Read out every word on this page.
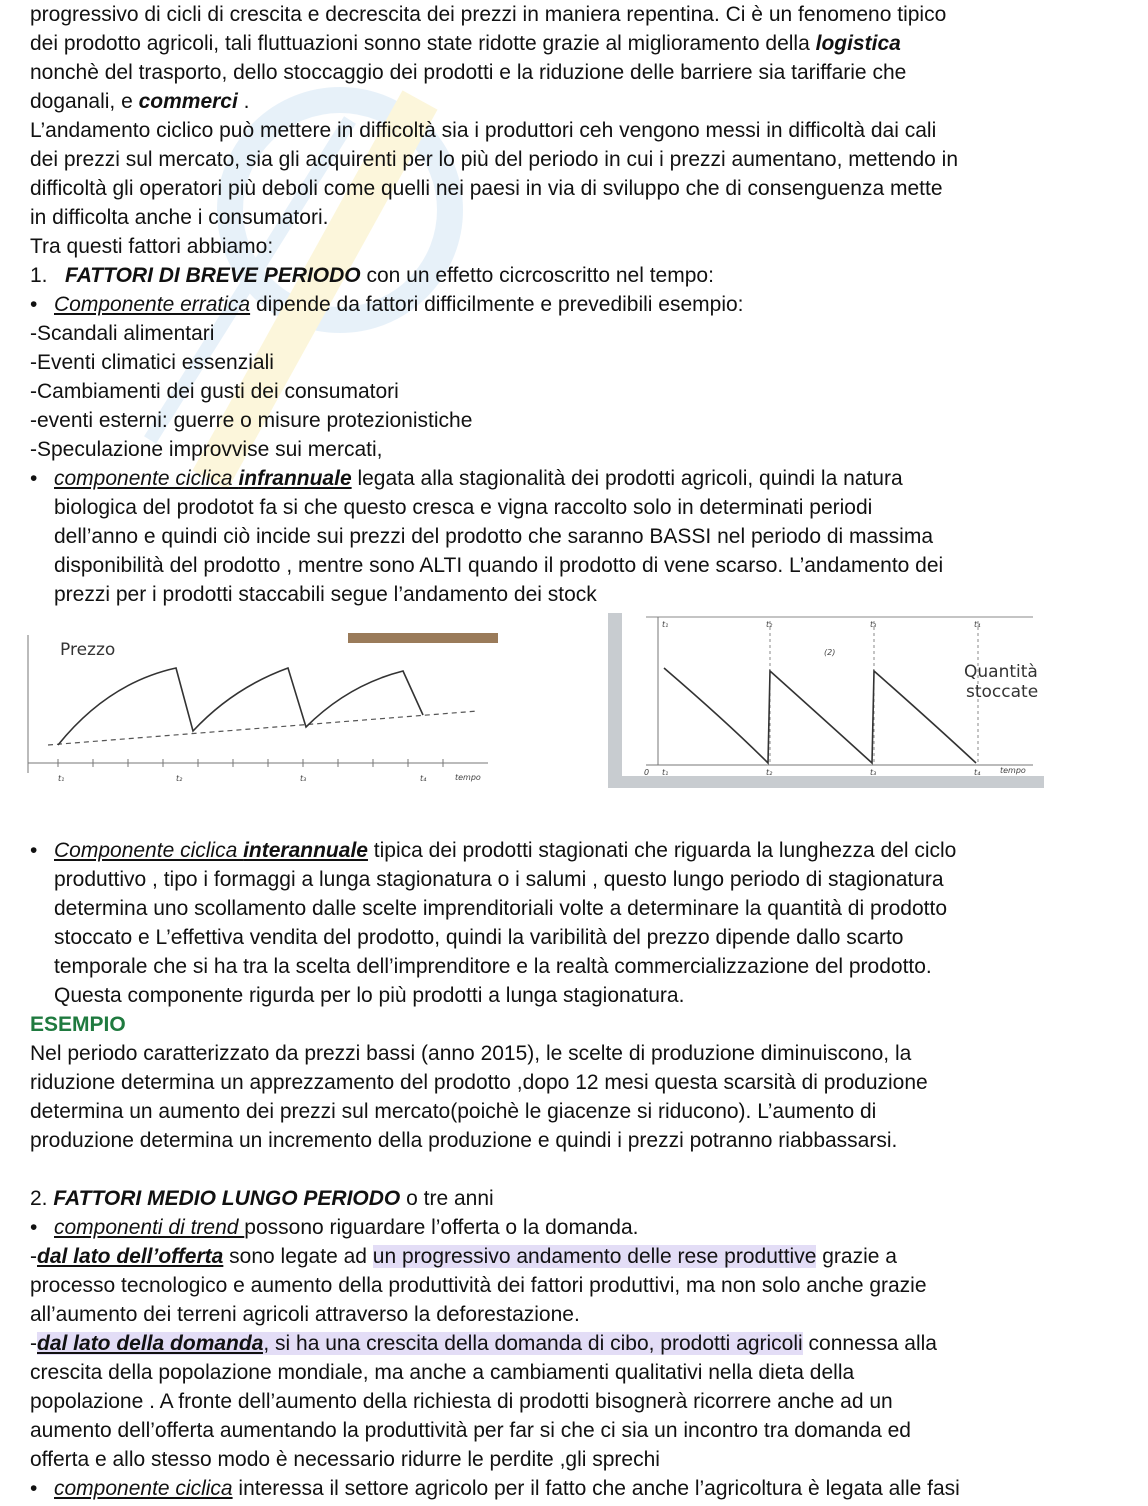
progressivo di cicli di crescita e decrescita dei prezzi in maniera repentina. Ci è un fenomeno tipico
dei prodotto agricoli, tali fluttuazioni sonno state ridotte grazie al miglioramento della logistica
nonchè del trasporto, dello stoccaggio dei prodotti e la riduzione delle barriere sia tariffarie che
doganali, e commerci .
L’andamento ciclico può mettere in difficoltà sia i produttori ceh vengono messi in difficoltà dai cali
dei prezzi sul mercato, sia gli acquirenti per lo più del periodo in cui i prezzi aumentano, mettendo in
difficoltà gli operatori più deboli come quelli nei paesi in via di sviluppo che di consenguenza mette
in difficolta anche i consumatori.
Tra questi fattori abbiamo:
1. FATTORI DI BREVE PERIODO con un effetto cicrcoscritto nel tempo:
• Componente erratica dipende da fattori difficilmente e prevedibili esempio:
-Scandali alimentari
-Eventi climatici essenziali
-Cambiamenti dei gusti dei consumatori
-eventi esterni: guerre o misure protezionistiche
-Speculazione improvvise sui mercati,
• componente ciclica infrannuale legata alla stagionalità dei prodotti agricoli, quindi la natura
biologica del prodotot fa si che questo cresca e vigna raccolto solo in determinati periodi
dell’anno e quindi ciò incide sui prezzi del prodotto che saranno BASSI nel periodo di massima
disponibilità del prodotto , mentre sono ALTI quando il prodotto di vene scarso. L’andamento dei
prezzi per i prodotti staccabili segue l’andamento dei stock
Prezzo
t₁	t₂	t₃	t₄	tempo
t₁	t₂	t₃	t₄
(2)
Quantità
stoccate
0 t₁	t₂	t₃	t₄ tempo
• Componente ciclica interannuale tipica dei prodotti stagionati che riguarda la lunghezza del ciclo
produttivo , tipo i formaggi a lunga stagionatura o i salumi , questo lungo periodo di stagionatura
determina uno scollamento dalle scelte imprenditoriali volte a determinare la quantità di prodotto
stoccato e L’effettiva vendita del prodotto, quindi la varibilità del prezzo dipende dallo scarto
temporale che si ha tra la scelta dell’imprenditore e la realtà commercializzazione del prodotto.
Questa componente rigurda per lo più prodotti a lunga stagionatura.
ESEMPIO
Nel periodo caratterizzato da prezzi bassi (anno 2015), le scelte di produzione diminuiscono, la
riduzione determina un apprezzamento del prodotto ,dopo 12 mesi questa scarsità di produzione
determina un aumento dei prezzi sul mercato(poichè le giacenze si riducono). L’aumento di
produzione determina un incremento della produzione e quindi i prezzi potranno riabbassarsi.
2. FATTORI MEDIO LUNGO PERIODO o tre anni
• componenti di trend possono riguardare l’offerta o la domanda.
-dal lato dell’offerta sono legate ad un progressivo andamento delle rese produttive grazie a
processo tecnologico e aumento della produttività dei fattori produttivi, ma non solo anche grazie
all’aumento dei terreni agricoli attraverso la deforestazione.
-dal lato della domanda, si ha una crescita della domanda di cibo, prodotti agricoli connessa alla
crescita della popolazione mondiale, ma anche a cambiamenti qualitativi nella dieta della
popolazione . A fronte dell’aumento della richiesta di prodotti bisognerà ricorrere anche ad un
aumento dell’offerta aumentando la produttività per far si che ci sia un incontro tra domanda ed
offerta e allo stesso modo è necessario ridurre le perdite ,gli sprechi
• componente ciclica interessa il settore agricolo per il fatto che anche l’agricoltura è legata alle fasi
